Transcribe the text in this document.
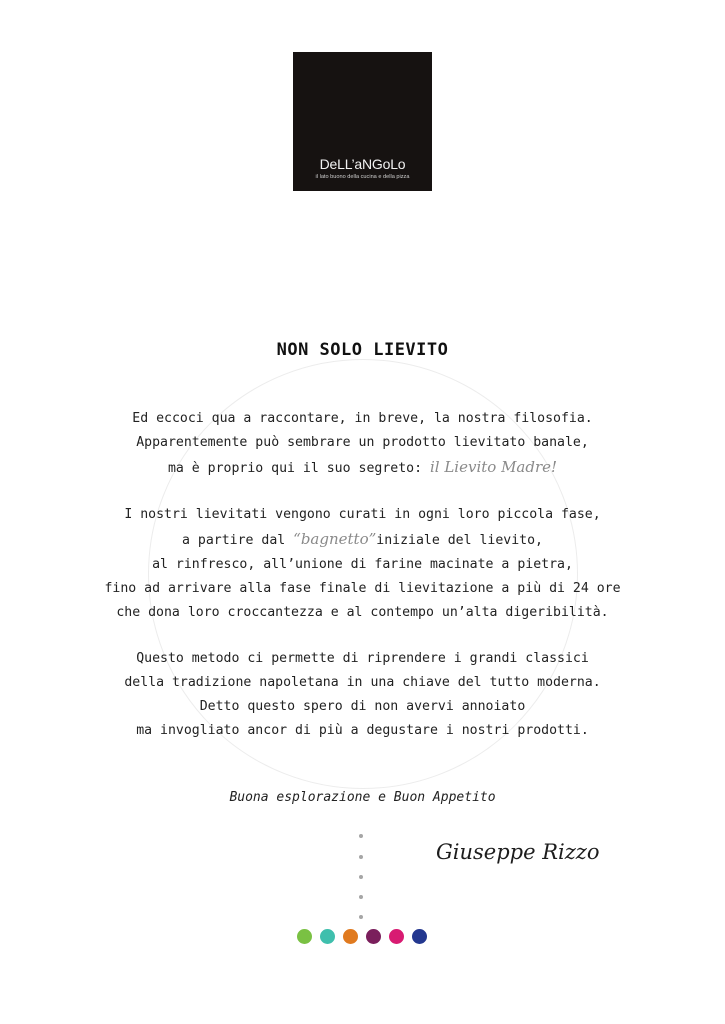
DeLL’aNGoLo
il lato buono della cucina e della pizza
NON SOLO LIEVITO
Ed eccoci qua a raccontare, in breve, la nostra filosofia.
Apparentemente può sembrare un prodotto lievitato banale,
ma è proprio qui il suo segreto: il Lievito Madre!
I nostri lievitati vengono curati in ogni loro piccola fase,
a partire dal “bagnetto”iniziale del lievito,
al rinfresco, all’unione di farine macinate a pietra,
fino ad arrivare alla fase finale di lievitazione a più di 24 ore
che dona loro croccantezza e al contempo un’alta digeribilità.
Questo metodo ci permette di riprendere i grandi classici
della tradizione napoletana in una chiave del tutto moderna.
Detto questo spero di non avervi annoiato
ma invogliato ancor di più a degustare i nostri prodotti.
Buona esplorazione e Buon Appetito
Giuseppe Rizzo
